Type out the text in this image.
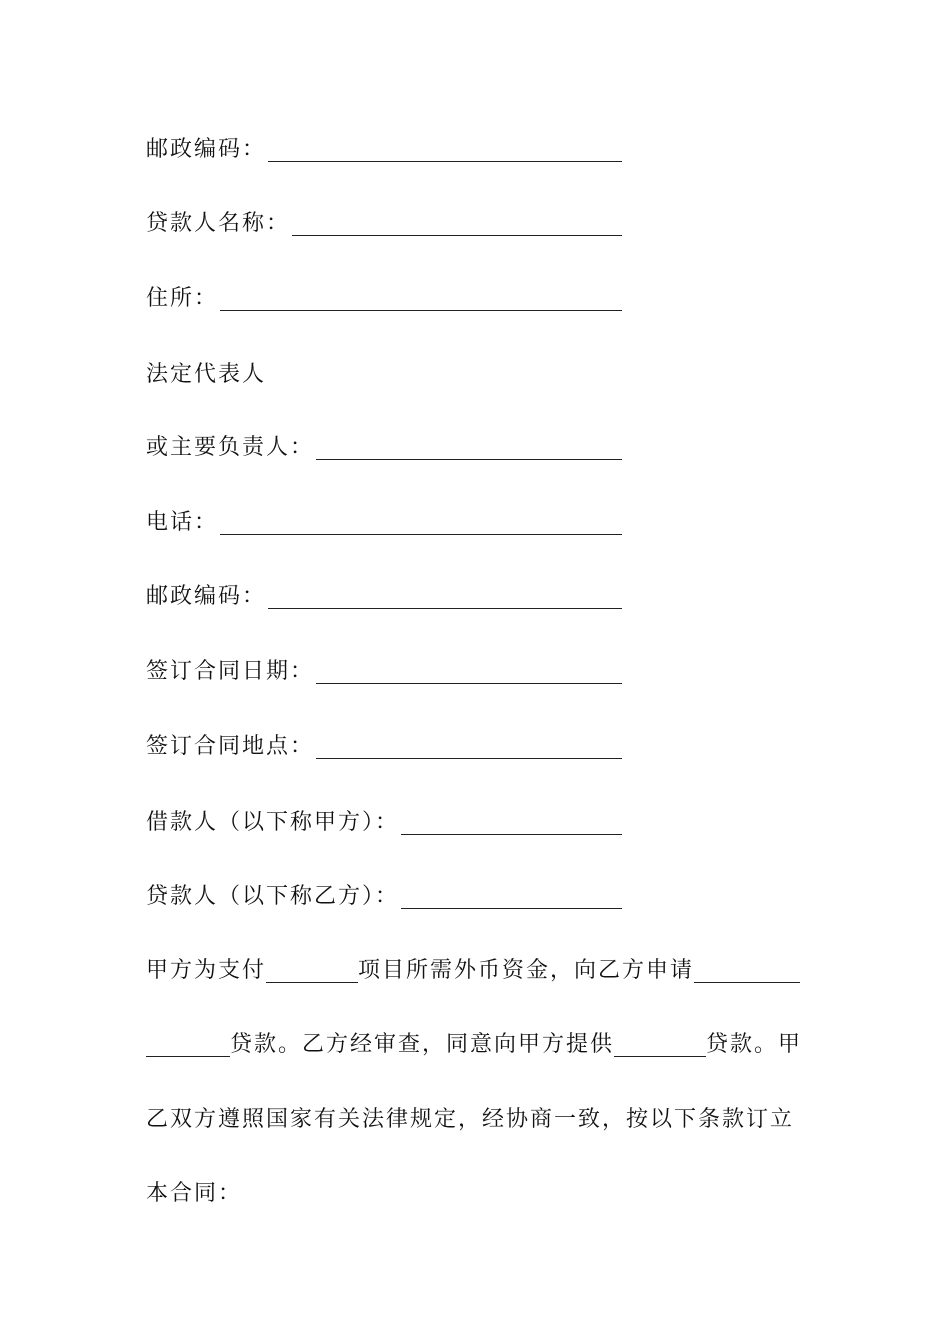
邮政编码：
贷款人名称：
住所：
法定代表人
或主要负责人：
电话：
邮政编码：
签订合同日期：
签订合同地点：
借款人（以下称甲方）：
贷款人（以下称乙方）：
甲方为支付	项目所需外币资金，向乙方申请
贷款。乙方经审查，同意向甲方提供	贷款。甲
乙双方遵照国家有关法律规定，经协商一致，按以下条款订立
本合同：
